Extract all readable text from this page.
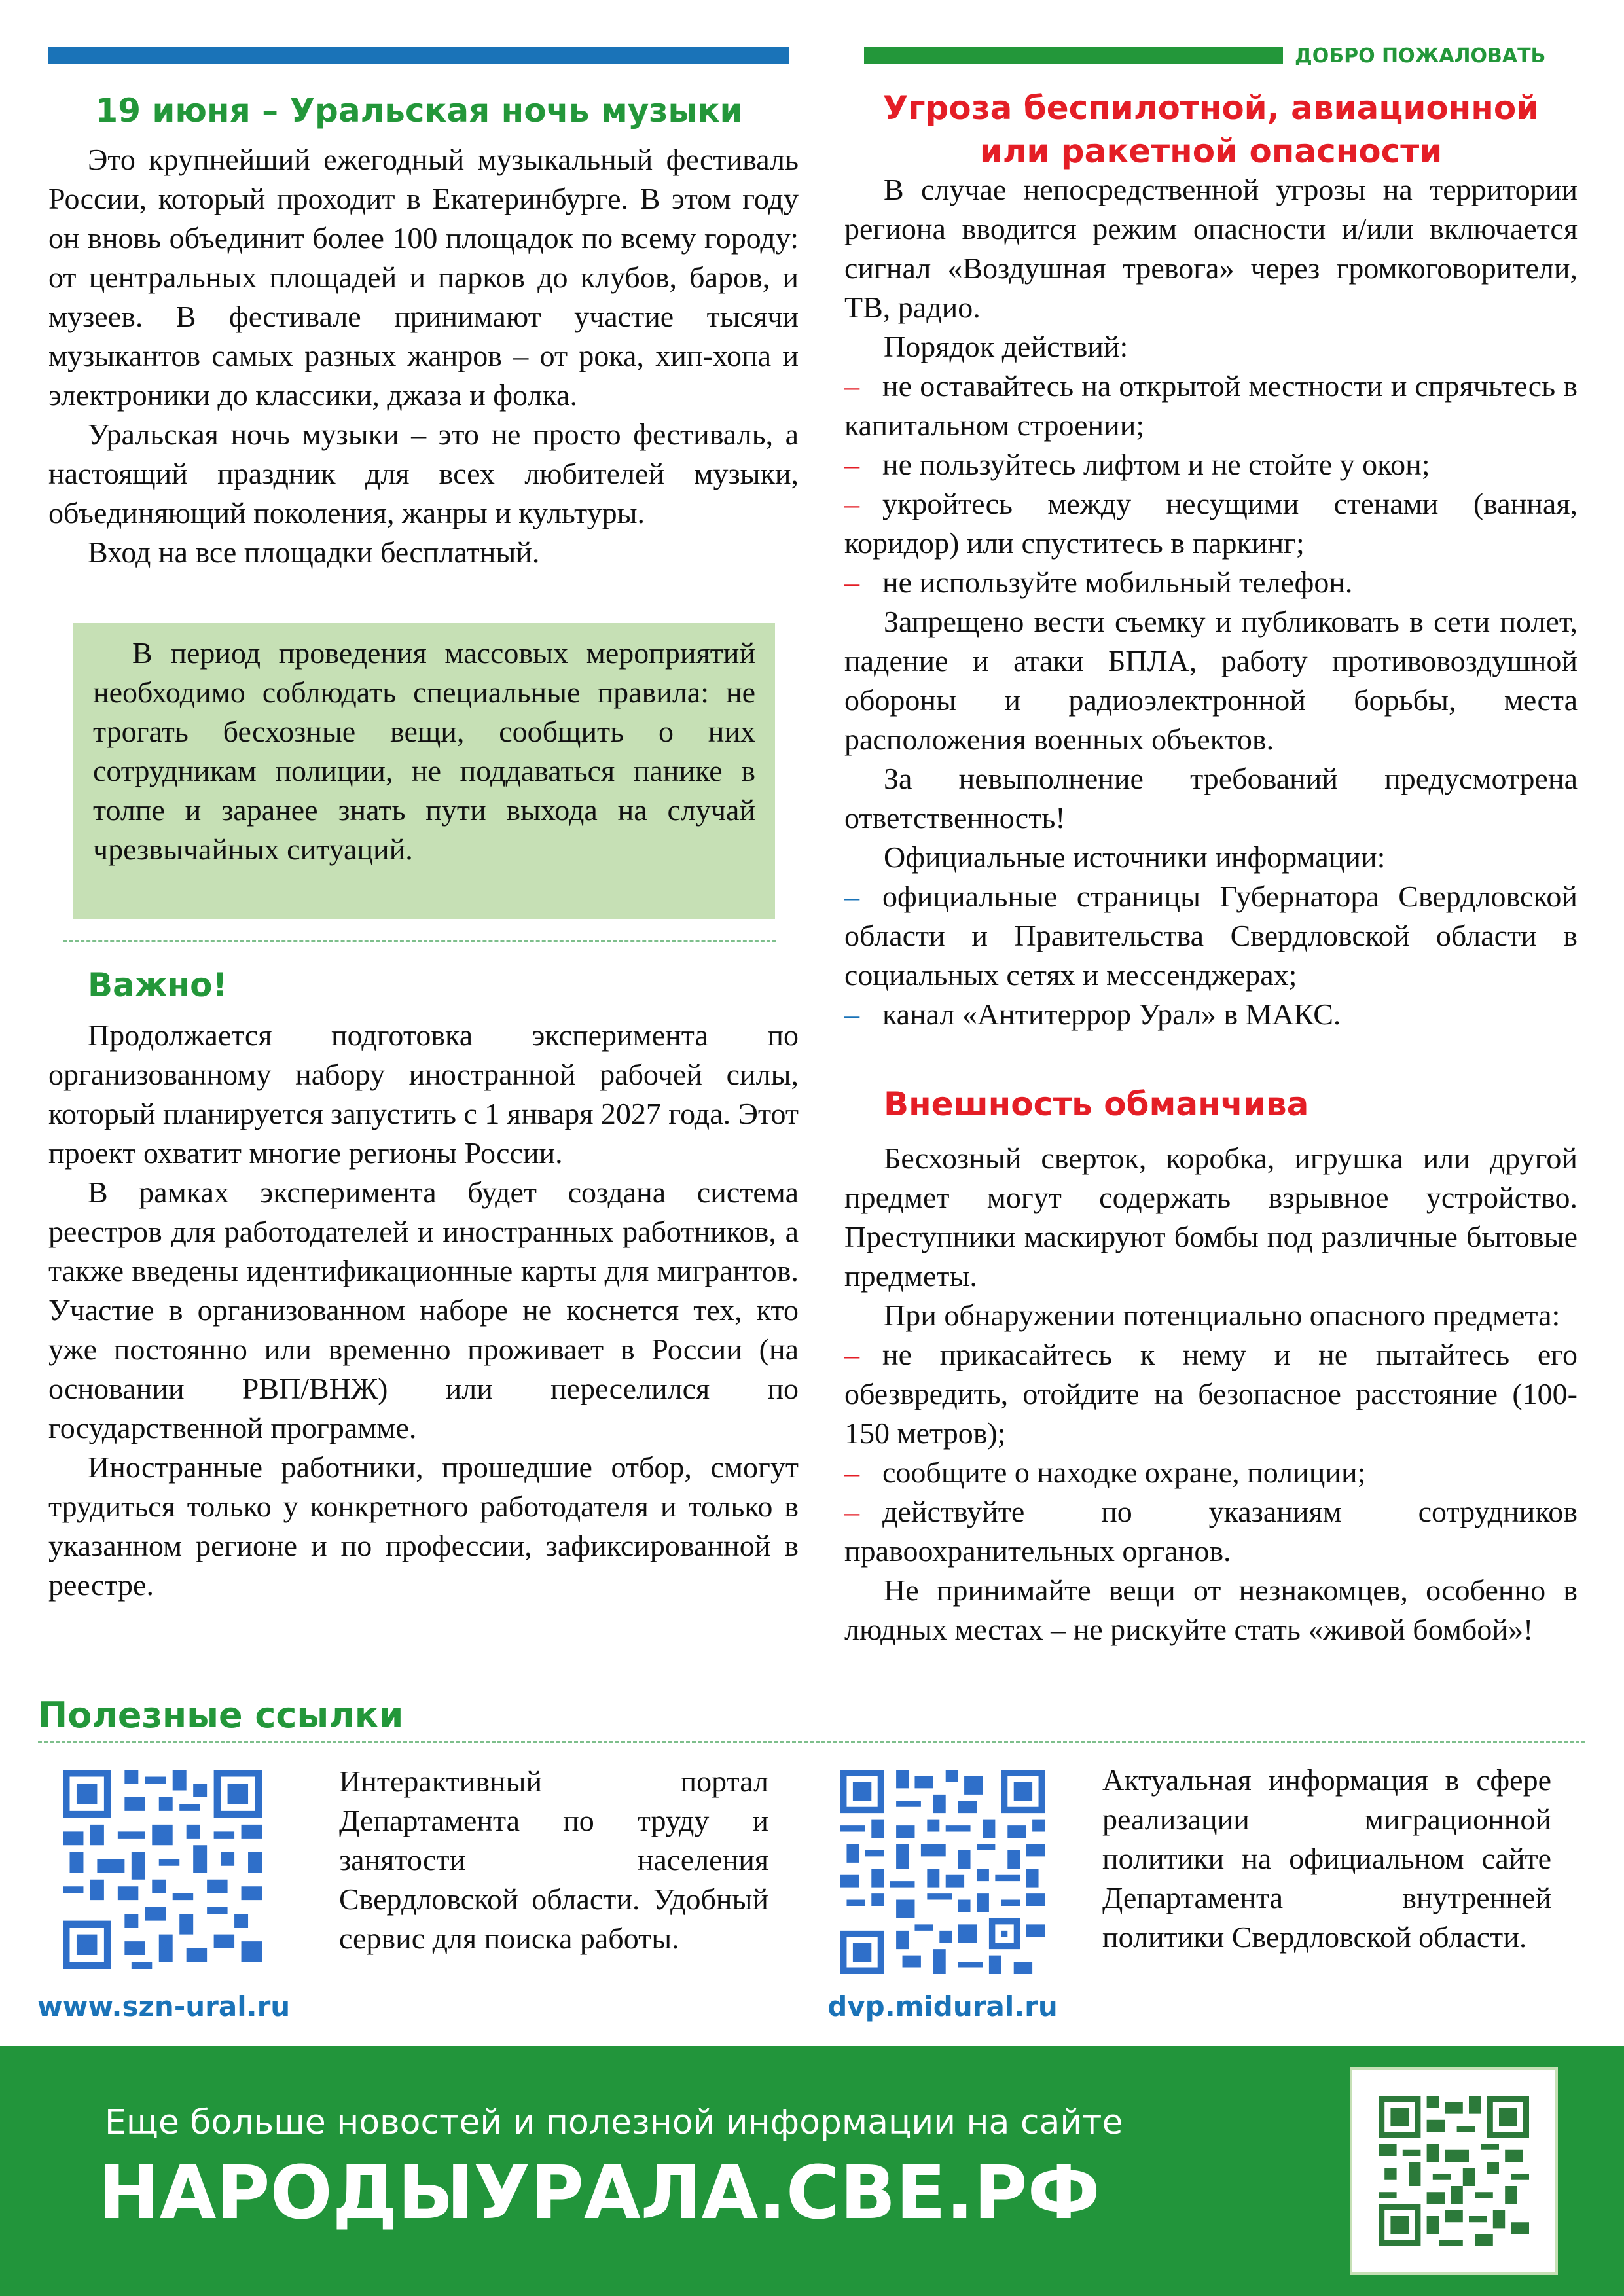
ДОБРО ПОЖАЛОВАТЬ
19 июня – Уральская ночь музыки

Это крупнейший ежегодный музыкальный фестиваль России, который проходит в Екатеринбурге. В этом году он вновь объединит более 100 площадок по всему городу: от центральных площадей и парков до клубов, баров, и музеев. В фестивале принимают участие тысячи музыкантов самых разных жанров – от рока, хип-хопа и электроники до классики, джаза и фолка.

Уральская ночь музыки – это не просто фестиваль, а настоящий праздник для всех любителей музыки, объединяющий поколения, жанры и культуры.

Вход на все площадки бесплатный.

В период проведения массовых мероприятий необходимо соблюдать специальные правила: не трогать бесхозные вещи, сообщить о них сотрудникам полиции, не поддаваться панике в толпе и заранее знать пути выхода на случай чрезвычайных ситуаций.

Важно!

Продолжается подготовка эксперимента по организованному набору иностранной рабочей силы, который планируется запустить с 1 января 2027 года. Этот проект охватит многие регионы России.

В рамках эксперимента будет создана система реестров для работодателей и иностранных работников, а также введены идентификационные карты для мигрантов. Участие в организованном наборе не коснется тех, кто уже постоянно или временно проживает в России (на основании РВП/ВНЖ) или переселился по государственной программе.

Иностранные работники, прошедшие отбор, смогут трудиться только у конкретного работодателя и только в указанном регионе и по профессии, зафиксированной в реестре.

Угроза беспилотной, авиационной или ракетной опасности

В случае непосредственной угрозы на территории региона вводится режим опасности и/или включается сигнал «Воздушная тревога» через громкоговорители, ТВ, радио.

Порядок действий:

– не оставайтесь на открытой местности и спрячьтесь в капитальном строении;

– не пользуйтесь лифтом и не стойте у окон;

– укройтесь между несущими стенами (ванная, коридор) или спуститесь в паркинг;

– не используйте мобильный телефон.

Запрещено вести съемку и публиковать в сети полет, падение и атаки БПЛА, работу противовоздушной обороны и радиоэлектронной борьбы, места расположения военных объектов.

За невыполнение требований предусмотрена ответственность!

Официальные источники информации:

– официальные страницы Губернатора Свердловской области и Правительства Свердловской области в социальных сетях и мессенджерах;

– канал «Антитеррор Урал» в МАКС.

Внешность обманчива

Бесхозный сверток, коробка, игрушка или другой предмет могут содержать взрывное устройство. Преступники маскируют бомбы под различные бытовые предметы.

При обнаружении потенциально опасного предмета:

– не прикасайтесь к нему и не пытайтесь его обезвредить, отойдите на безопасное расстояние (100-150 метров);

– сообщите о находке охране, полиции;

– действуйте по указаниям сотрудников правоохранительных органов.

Не принимайте вещи от незнакомцев, особенно в людных местах – не рискуйте стать «живой бомбой»!

Полезные ссылки
www.szn-ural.ru

Интерактивный портал Департамента по труду и занятости населения Свердловской области. Удобный сервис для поиска работы.

dvp.midural.ru

Актуальная информация в сфере реализации миграционной политики на официальном сайте Департамента внутренней политики Свердловской области.

Еще больше новостей и полезной информации на сайте
НАРОДЫУРАЛА.СВЕ.РФ
